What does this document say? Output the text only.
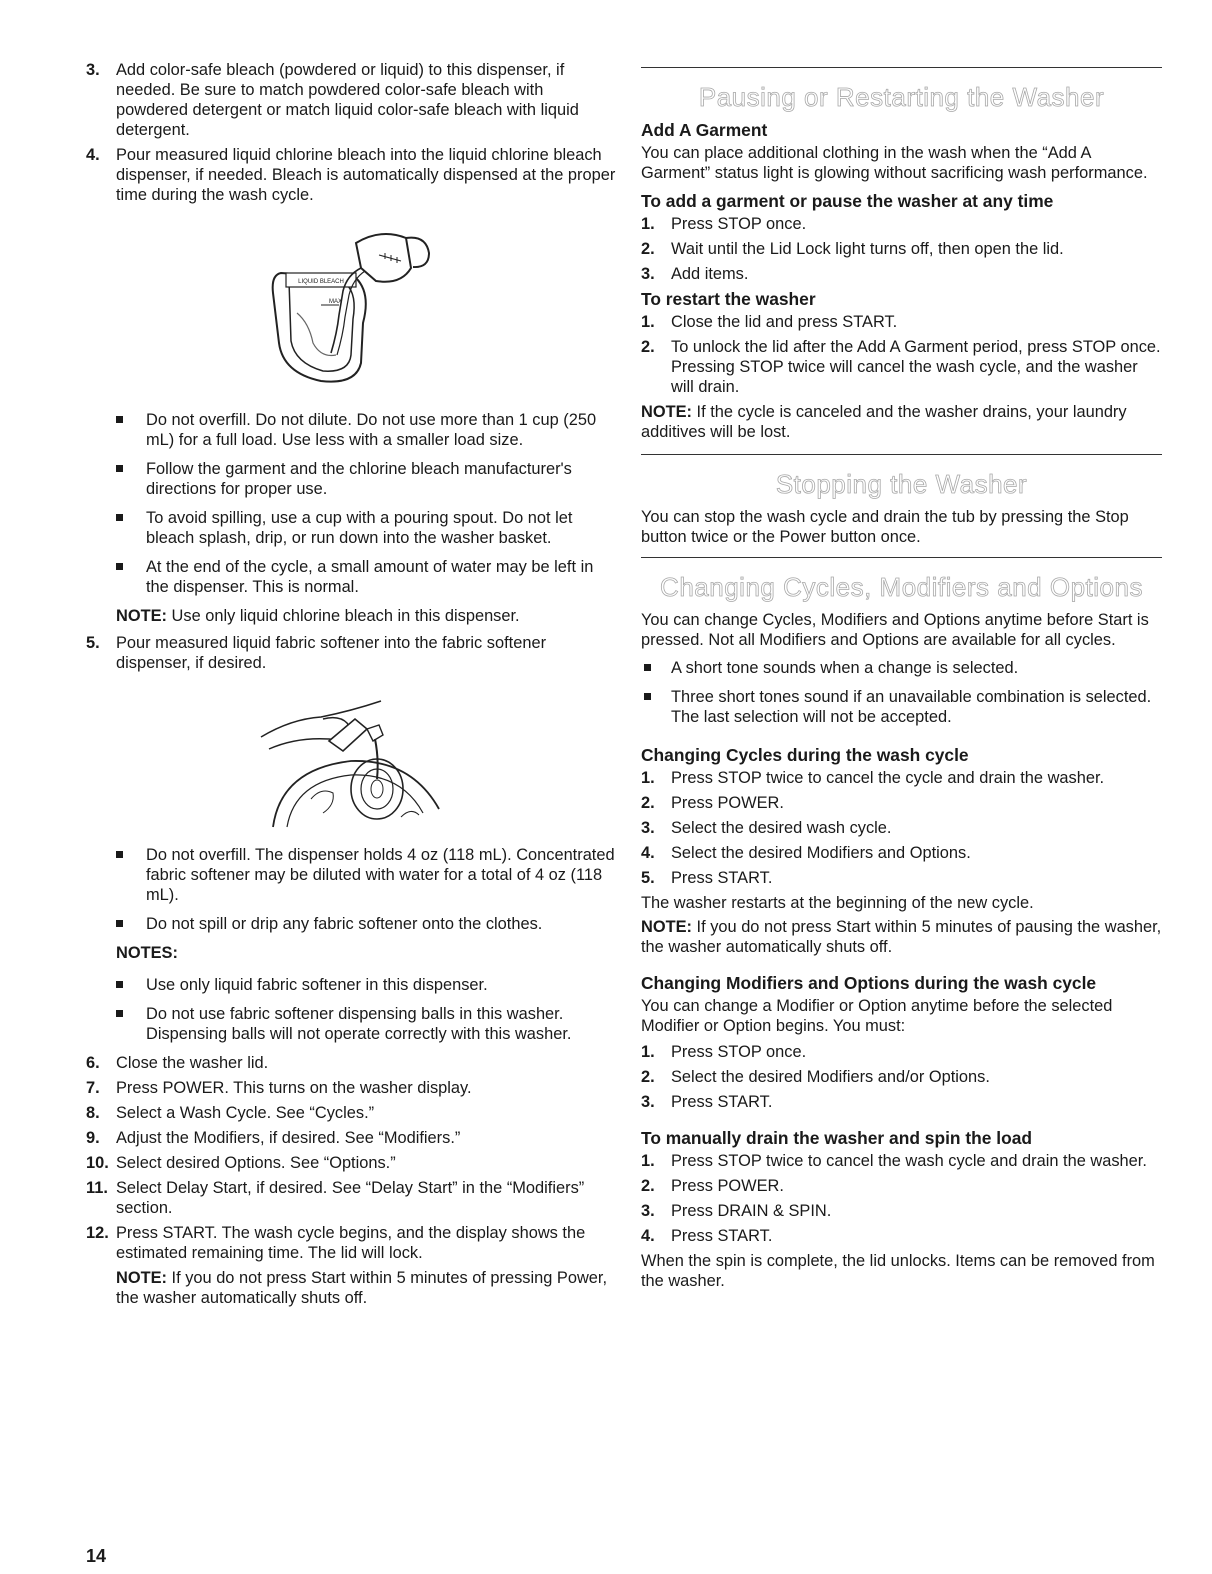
3. Add color-safe bleach (powdered or liquid) to this dispenser, if needed. Be sure to match powdered color-safe bleach with powdered detergent or match liquid color-safe bleach with liquid detergent.

4. Pour measured liquid chlorine bleach into the liquid chlorine bleach dispenser, if needed. Bleach is automatically dispensed at the proper time during the wash cycle.

LIQUID BLEACH
MAX

Do not overfill. Do not dilute. Do not use more than 1 cup (250 mL) for a full load. Use less with a smaller load size.

Follow the garment and the chlorine bleach manufacturer's directions for proper use.

To avoid spilling, use a cup with a pouring spout. Do not let bleach splash, drip, or run down into the washer basket.

At the end of the cycle, a small amount of water may be left in the dispenser. This is normal.

NOTE: Use only liquid chlorine bleach in this dispenser.

5. Pour measured liquid fabric softener into the fabric softener dispenser, if desired.

Do not overfill. The dispenser holds 4 oz (118 mL). Concentrated fabric softener may be diluted with water for a total of 4 oz (118 mL).

Do not spill or drip any fabric softener onto the clothes.

NOTES:

Use only liquid fabric softener in this dispenser.

Do not use fabric softener dispensing balls in this washer. Dispensing balls will not operate correctly with this washer.

6. Close the washer lid.

7. Press POWER. This turns on the washer display.

8. Select a Wash Cycle. See “Cycles.”

9. Adjust the Modifiers, if desired. See “Modifiers.”

10. Select desired Options. See “Options.”

11. Select Delay Start, if desired. See “Delay Start” in the “Modifiers” section.

12. Press START. The wash cycle begins, and the display shows the estimated remaining time. The lid will lock.

NOTE: If you do not press Start within 5 minutes of pressing Power, the washer automatically shuts off.

Pausing or Restarting the Washer

Add A Garment

You can place additional clothing in the wash when the “Add A Garment” status light is glowing without sacrificing wash performance.

To add a garment or pause the washer at any time

1. Press STOP once.

2. Wait until the Lid Lock light turns off, then open the lid.

3. Add items.

To restart the washer

1. Close the lid and press START.

2. To unlock the lid after the Add A Garment period, press STOP once. Pressing STOP twice will cancel the wash cycle, and the washer will drain.

NOTE: If the cycle is canceled and the washer drains, your laundry additives will be lost.

Stopping the Washer

You can stop the wash cycle and drain the tub by pressing the Stop button twice or the Power button once.

Changing Cycles, Modifiers and Options

You can change Cycles, Modifiers and Options anytime before Start is pressed. Not all Modifiers and Options are available for all cycles.

A short tone sounds when a change is selected.

Three short tones sound if an unavailable combination is selected. The last selection will not be accepted.

Changing Cycles during the wash cycle

1. Press STOP twice to cancel the cycle and drain the washer.

2. Press POWER.

3. Select the desired wash cycle.

4. Select the desired Modifiers and Options.

5. Press START.

The washer restarts at the beginning of the new cycle.

NOTE: If you do not press Start within 5 minutes of pausing the washer, the washer automatically shuts off.

Changing Modifiers and Options during the wash cycle

You can change a Modifier or Option anytime before the selected Modifier or Option begins. You must:

1. Press STOP once.

2. Select the desired Modifiers and/or Options.

3. Press START.

To manually drain the washer and spin the load

1. Press STOP twice to cancel the wash cycle and drain the washer.

2. Press POWER.

3. Press DRAIN & SPIN.

4. Press START.

When the spin is complete, the lid unlocks. Items can be removed from the washer.

14
